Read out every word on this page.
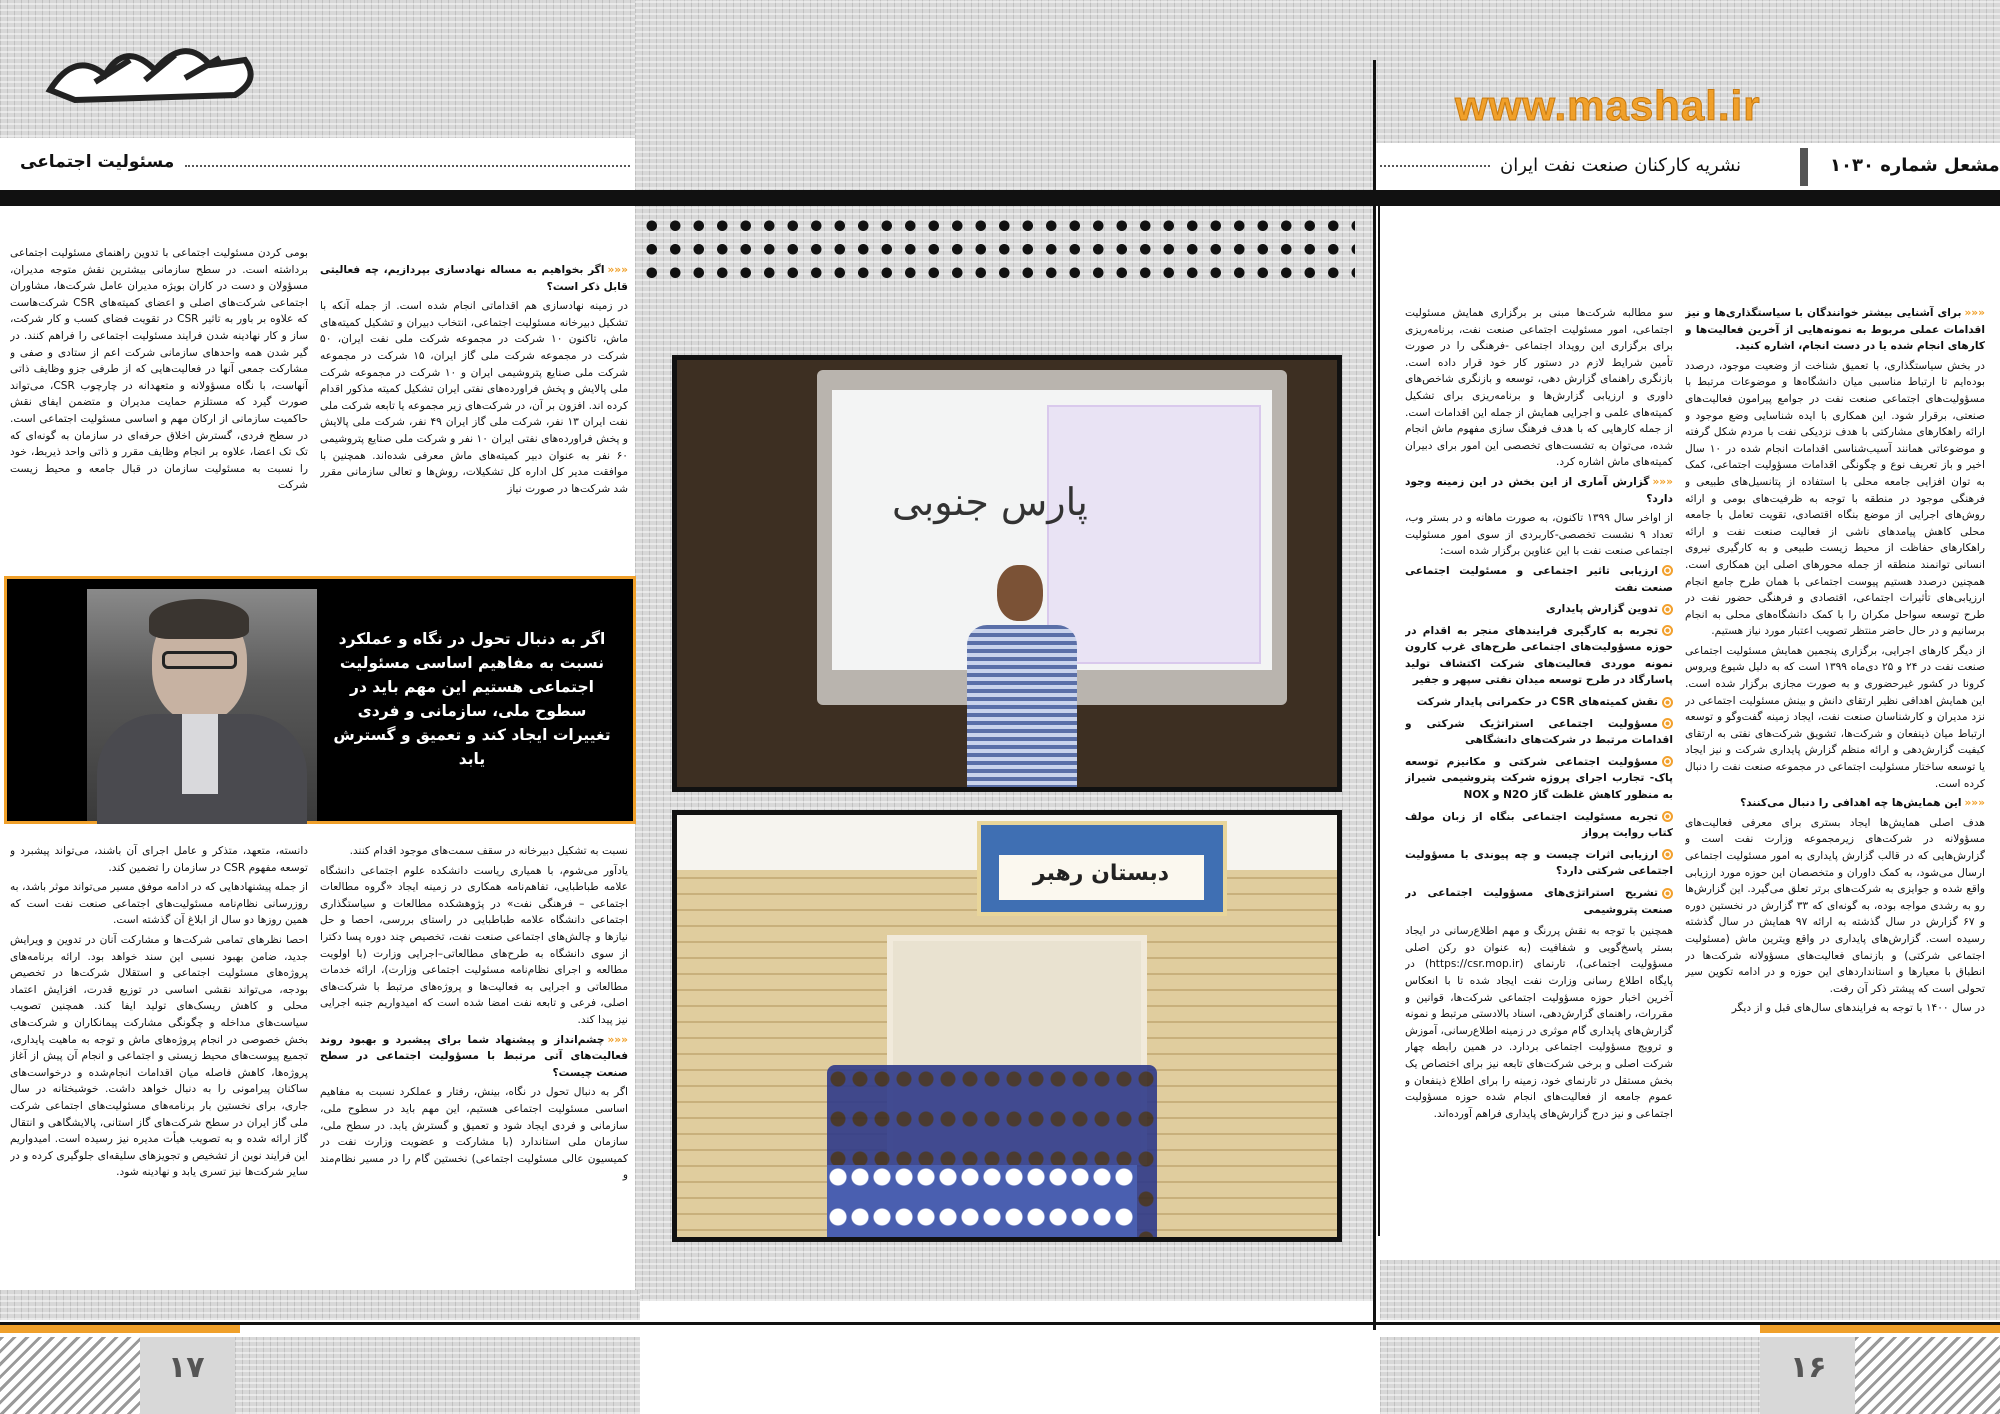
مسئولیت اجتماعی
www.mashal.ir
نشریه کارکنان صنعت نفت ایران	مشعل شماره ۱۰۳۰
پارس جنوبی
دبستان رهبر

«««اگر بخواهیم به مساله نهادسازی بپردازیم، چه فعالیتی قابل ذکر است؟

در زمینه نهادسازی هم اقداماتی انجام شده است. از جمله آنکه با تشکیل دبیرخانه مسئولیت اجتماعی، انتخاب دبیران و تشکیل کمیته‌های ماش، تاکنون ۱۰ شرکت در مجموعه شرکت ملی نفت ایران، ۵۰ شرکت در مجموعه شرکت ملی گاز ایران، ۱۵ شرکت در مجموعه شرکت ملی صنایع پتروشیمی ایران و ۱۰ شرکت در مجموعه شرکت ملی پالایش و پخش فراورده‌های نفتی ایران تشکیل کمیته مذکور اقدام کرده اند. افزون بر آن، در شرکت‌های زیر مجموعه یا تابعه شرکت ملی نفت ایران ۱۳ نفر، شرکت ملی گاز ایران ۴۹ نفر، شرکت ملی پالایش و پخش فراورده‌های نفتی ایران ۱۰ نفر و شرکت ملی صنایع پتروشیمی ۶۰ نفر به عنوان دبیر کمیته‌های ماش معرفی شده‌اند. همچنین با موافقت مدیر کل اداره کل تشکیلات، روش‌ها و تعالی سازمانی مقرر شد شرکت‌ها در صورت نیاز

بومی کردن مسئولیت اجتماعی با تدوین راهنمای مسئولیت اجتماعی برداشته است. در سطح سازمانی بیشترین نقش متوجه مدیران، مسؤولان و دست در کاران بویژه مدیران عامل شرکت‌ها، مشاوران اجتماعی شرکت‌های اصلی و اعضای کمیته‌های CSR شرکت‌هاست که علاوه بر باور به تاثیر CSR در تقویت فضای کسب و کار شرکت، ساز و کار نهادینه شدن فرایند مسئولیت اجتماعی را فراهم کنند. در گیر شدن همه واحدهای سازمانی شرکت اعم از ستادی و صفی و مشارکت جمعی آنها در فعالیت‌هایی که از طرفی جزو وظایف ذاتی آنهاست، با نگاه مسؤولانه و متعهدانه در چارچوب CSR، می‌تواند صورت گیرد که مستلزم حمایت مدیران و متضمن ایفای نقش حاکمیت سازمانی از ارکان مهم و اساسی مسئولیت اجتماعی است. در سطح فردی، گسترش اخلاق حرفه‌ای در سازمان به گونه‌ای که تک تک اعضا، علاوه بر انجام وظایف مقرر و ذاتی واحد ذیربط، خود را نسبت به مسئولیت سازمان در قبال جامعه و محیط زیست شرکت

اگر به دنبال تحول در نگاه و عملکرد نسبت به مفاهیم اساسی مسئولیت اجتماعی هستیم این مهم باید در سطوح ملی، سازمانی و فردی تغییرات ایجاد کند و تعمیق و گسترش یابد

نسبت به تشکیل دبیرخانه در سقف سمت‌های موجود اقدام کنند.

یادآور می‌شوم، با همیاری ریاست دانشکده علوم اجتماعی دانشگاه علامه طباطبایی، تفاهم‌نامه همکاری در زمینه ایجاد «گروه مطالعات اجتماعی – فرهنگی نفت» در پژوهشکده مطالعات و سیاستگذاری اجتماعی دانشگاه علامه طباطبایی در راستای بررسی، احصا و حل نیازها و چالش‌های اجتماعی صنعت نفت، تخصیص چند دوره پسا دکترا از سوی دانشگاه به طرح‌های مطالعاتی–اجرایی وزارت (با اولویت مطالعه و اجرای نظام‌نامه مسئولیت اجتماعی وزارت)، ارائه خدمات مطالعاتی و اجرایی به فعالیت‌ها و پروژه‌های مرتبط با شرکت‌های اصلی، فرعی و تابعه نفت امضا شده است که امیدواریم جنبه اجرایی نیز پیدا کند.

«««چشم‌انداز و پیشنهاد شما برای پیشبرد و بهبود روند فعالیت‌های آتی مرتبط با مسؤولیت اجتماعی در سطح صنعت چیست؟

اگر به دنبال تحول در نگاه، بینش، رفتار و عملکرد نسبت به مفاهیم اساسی مسئولیت اجتماعی هستیم، این مهم باید در سطوح ملی، سازمانی و فردی ایجاد شود و تعمیق و گسترش یابد. در سطح ملی، سازمان ملی استاندارد (با مشارکت و عضویت وزارت نفت در کمیسیون عالی مسئولیت اجتماعی) نخستین گام را در مسیر نظام‌مند و

دانسته، متعهد، متذکر و عامل اجرای آن باشند، می‌تواند پیشبرد و توسعه مفهوم CSR در سازمان را تضمین کند.

از جمله پیشنهادهایی که در ادامه موفق مسیر می‌تواند موثر باشد، به روزرسانی نظام‌نامه مسئولیت‌های اجتماعی صنعت نفت است که همین روزها دو سال از ابلاغ آن گذشته است.

احصا نظرهای تمامی شرکت‌ها و مشارکت آنان در تدوین و ویرایش جدید، ضامن بهبود نسبی این سند خواهد بود. ارائه برنامه‌های پروژه‌های مسئولیت اجتماعی و استقلال شرکت‌ها در تخصیص بودجه، می‌تواند نقشی اساسی در توزیع قدرت، افزایش اعتماد محلی و کاهش ریسک‌های تولید ایفا کند. همچنین تصویب سیاست‌های مداخله و چگونگی مشارکت پیمانکاران و شرکت‌های بخش خصوصی در انجام پروژه‌های ماش و توجه به ماهیت پایداری، تجمیع پیوست‌های محیط زیستی و اجتماعی و انجام آن پیش از آغاز پروژه‌ها، کاهش فاصله میان اقدامات انجام‌شده و درخواست‌های ساکنان پیرامونی را به دنبال خواهد داشت. خوشبختانه در سال جاری، برای نخستین بار برنامه‌های مسئولیت‌های اجتماعی شرکت ملی گاز ایران در سطح شرکت‌های گاز استانی، پالایشگاهی و انتقال گاز ارائه شده و به تصویب هیأت مدیره نیز رسیده است. امیدواریم این فرایند نوین از تشخیص و تجویزهای سلیقه‌ای جلوگیری کرده و در سایر شرکت‌ها نیز تسری یابد و نهادینه شود.

«««برای آشنایی بیشتر خوانندگان با سیاستگذاری‌ها و نیز اقدامات عملی مربوط به نمونه‌هایی از آخرین فعالیت‌ها و کارهای انجام شده یا در دست انجام، اشاره کنید.

در بخش سیاستگذاری، با تعمیق شناخت از وضعیت موجود، درصدد بوده‌ایم تا ارتباط مناسبی میان دانشگاه‌ها و موضوعات مرتبط با مسؤولیت‌های اجتماعی صنعت نفت در جوامع پیرامون فعالیت‌های صنعتی، برقرار شود. این همکاری با ایده شناسایی وضع موجود و ارائه راهکارهای مشارکتی با هدف نزدیکی نفت با مردم شکل گرفته و موضوعاتی همانند آسیب‌شناسی اقدامات انجام شده در ۱۰ سال اخیر و باز تعریف نوع و چگونگی اقدامات مسؤولیت اجتماعی، کمک به توان افزایی جامعه محلی با استفاده از پتانسیل‌های طبیعی و فرهنگی موجود در منطقه با توجه به ظرفیت‌های بومی و ارائه روش‌های اجرایی از موضع بنگاه اقتصادی، تقویت تعامل با جامعه محلی کاهش پیامدهای ناشی از فعالیت صنعت نفت و ارائه راهکارهای حفاظت از محیط زیست طبیعی و به کارگیری نیروی انسانی توانمند منطقه از جمله محورهای اصلی این همکاری است. همچنین درصدد هستیم پیوست اجتماعی با همان طرح جامع انجام ارزیابی‌های تأثیرات اجتماعی، اقتصادی و فرهنگی حضور نفت در طرح توسعه سواحل مکران را با کمک دانشگاه‌های محلی به انجام برسانیم و در حال حاضر منتظر تصویب اعتبار مورد نیاز هستیم.

از دیگر کارهای اجرایی، برگزاری پنجمین همایش مسئولیت اجتماعی صنعت نفت در ۲۴ و ۲۵ دی‌ماه ۱۳۹۹ است که به دلیل شیوع ویروس کرونا در کشور غیرحضوری و به صورت مجازی برگزار شده است. این همایش اهدافی نظیر ارتقای دانش و بینش مسئولیت اجتماعی در نزد مدیران و کارشناسان صنعت نفت، ایجاد زمینه گفت‌وگو و توسعه ارتباط میان ذینفعان و شرکت‌ها، تشویق شرکت‌های نفتی به ارتقای کیفیت گزارش‌دهی و ارائه منظم گزارش پایداری شرکت و نیز ایجاد یا توسعه ساختار مسئولیت اجتماعی در مجموعه صنعت نفت را دنبال کرده است.

«««این همایش‌ها چه اهدافی را دنبال می‌کنند؟

هدف اصلی همایش‌ها ایجاد بستری برای معرفی فعالیت‌های مسؤولانه در شرکت‌های زیرمجموعه وزارت نفت است و گزارش‌هایی که در قالب گزارش پایداری به امور مسئولیت اجتماعی ارسال می‌شود، به کمک داوران و متخصصان این حوزه مورد ارزیابی واقع شده و جوایزی به شرکت‌های برتر تعلق می‌گیرد. این گزارش‌ها رو به رشدی مواجه بوده، به گونه‌ای که ۳۳ گزارش در نخستین دوره و ۶۷ گزارش در سال گذشته به ارائه ۹۷ همایش در سال گذشته رسیده است. گزارش‌های پایداری در واقع ویترین ماش (مسئولیت اجتماعی شرکتی) و بازنمای فعالیت‌های مسؤولانه شرکت‌ها در انطباق با معیارها و استانداردهای این حوزه و در ادامه تکوین سیر تحولی است که پیشتر ذکر آن رفت.

در سال ۱۴۰۰ با توجه به فرایندهای سال‌های قبل و از دیگر

سو مطالبه شرکت‌ها مبنی بر برگزاری همایش مسئولیت اجتماعی، امور مسئولیت اجتماعی صنعت نفت، برنامه‌ریزی برای برگزاری این رویداد اجتماعی -فرهنگی را در صورت تأمین شرایط لازم در دستور کار خود قرار داده است. بازنگری راهنمای گزارش دهی، توسعه و بازنگری شاخص‌های داوری و ارزیابی گزارش‌ها و برنامه‌ریزی برای تشکیل کمیته‌های علمی و اجرایی همایش از جمله این اقدامات است. از جمله کارهایی که با هدف فرهنگ سازی مفهوم ماش انجام شده، می‌توان به تشست‌های تخصصی این امور برای دبیران کمیته‌های ماش اشاره کرد.

«««گزارش آماری از این بخش در این زمینه وجود دارد؟

از اواخر سال ۱۳۹۹ تاکنون، به صورت ماهانه و در بستر وب، تعداد ۹ نشست تخصصی-کاربردی از سوی امور مسئولیت اجتماعی صنعت نفت با این عناوین برگزار شده است:

ارزیابی تاثیر اجتماعی و مسئولیت اجتماعی صنعت نفت
تدوین گزارش پایداری
تجربه به کارگیری فرایندهای منجر به اقدام در حوزه مسؤولیت‌های اجتماعی طرح‌های غرب کارون نمونه موردی فعالیت‌های شرکت اکتشاف تولید پاسارگاد در طرح توسعه میدان نفتی سپهر و جفیر
نقش کمیته‌های CSR در حکمرانی پایدار شرکت
مسؤولیت اجتماعی استراتژیک شرکتی و اقدامات مرتبط در شرکت‌های دانشگاهی
مسؤولیت اجتماعی شرکتی و مکانیزم توسعه پاک- تجارب اجرای پروژه شرکت پتروشیمی شیراز به منظور کاهش غلظت گاز N2O و NOX
تجربه مسئولیت اجتماعی بنگاه از زبان مولف کتاب روایت پرواز
ارزیابی اثرات چیست و چه پیوندی با مسؤولیت اجتماعی شرکتی دارد؟
تشریح استراتژی‌های مسؤولیت اجتماعی در صنعت پتروشیمی

همچنین با توجه به نقش پررنگ و مهم اطلاع‌رسانی در ایجاد بستر پاسخ‌گویی و شفافیت (به عنوان دو رکن اصلی مسؤولیت اجتماعی)، تارنمای (https://csr.mop.ir) در پایگاه اطلاع رسانی وزارت نفت ایجاد شده تا با انعکاس آخرین اخبار حوزه مسؤولیت اجتماعی شرکت‌ها، قوانین و مقررات، راهنمای گزارش‌دهی، اسناد بالادستی مرتبط و نمونه گزارش‌های پایداری گام موثری در زمینه اطلاع‌رسانی، آموزش و ترویج مسؤولیت اجتماعی بردارد. در همین رابطه چهار شرکت اصلی و برخی شرکت‌های تابعه نیز برای اختصاص یک بخش مستقل در تارنمای خود، زمینه را برای اطلاع ذینفعان و عموم جامعه از فعالیت‌های انجام شده حوزه مسؤولیت اجتماعی و نیز درج گزارش‌های پایداری فراهم آورده‌اند.

۱۷	۱۶
